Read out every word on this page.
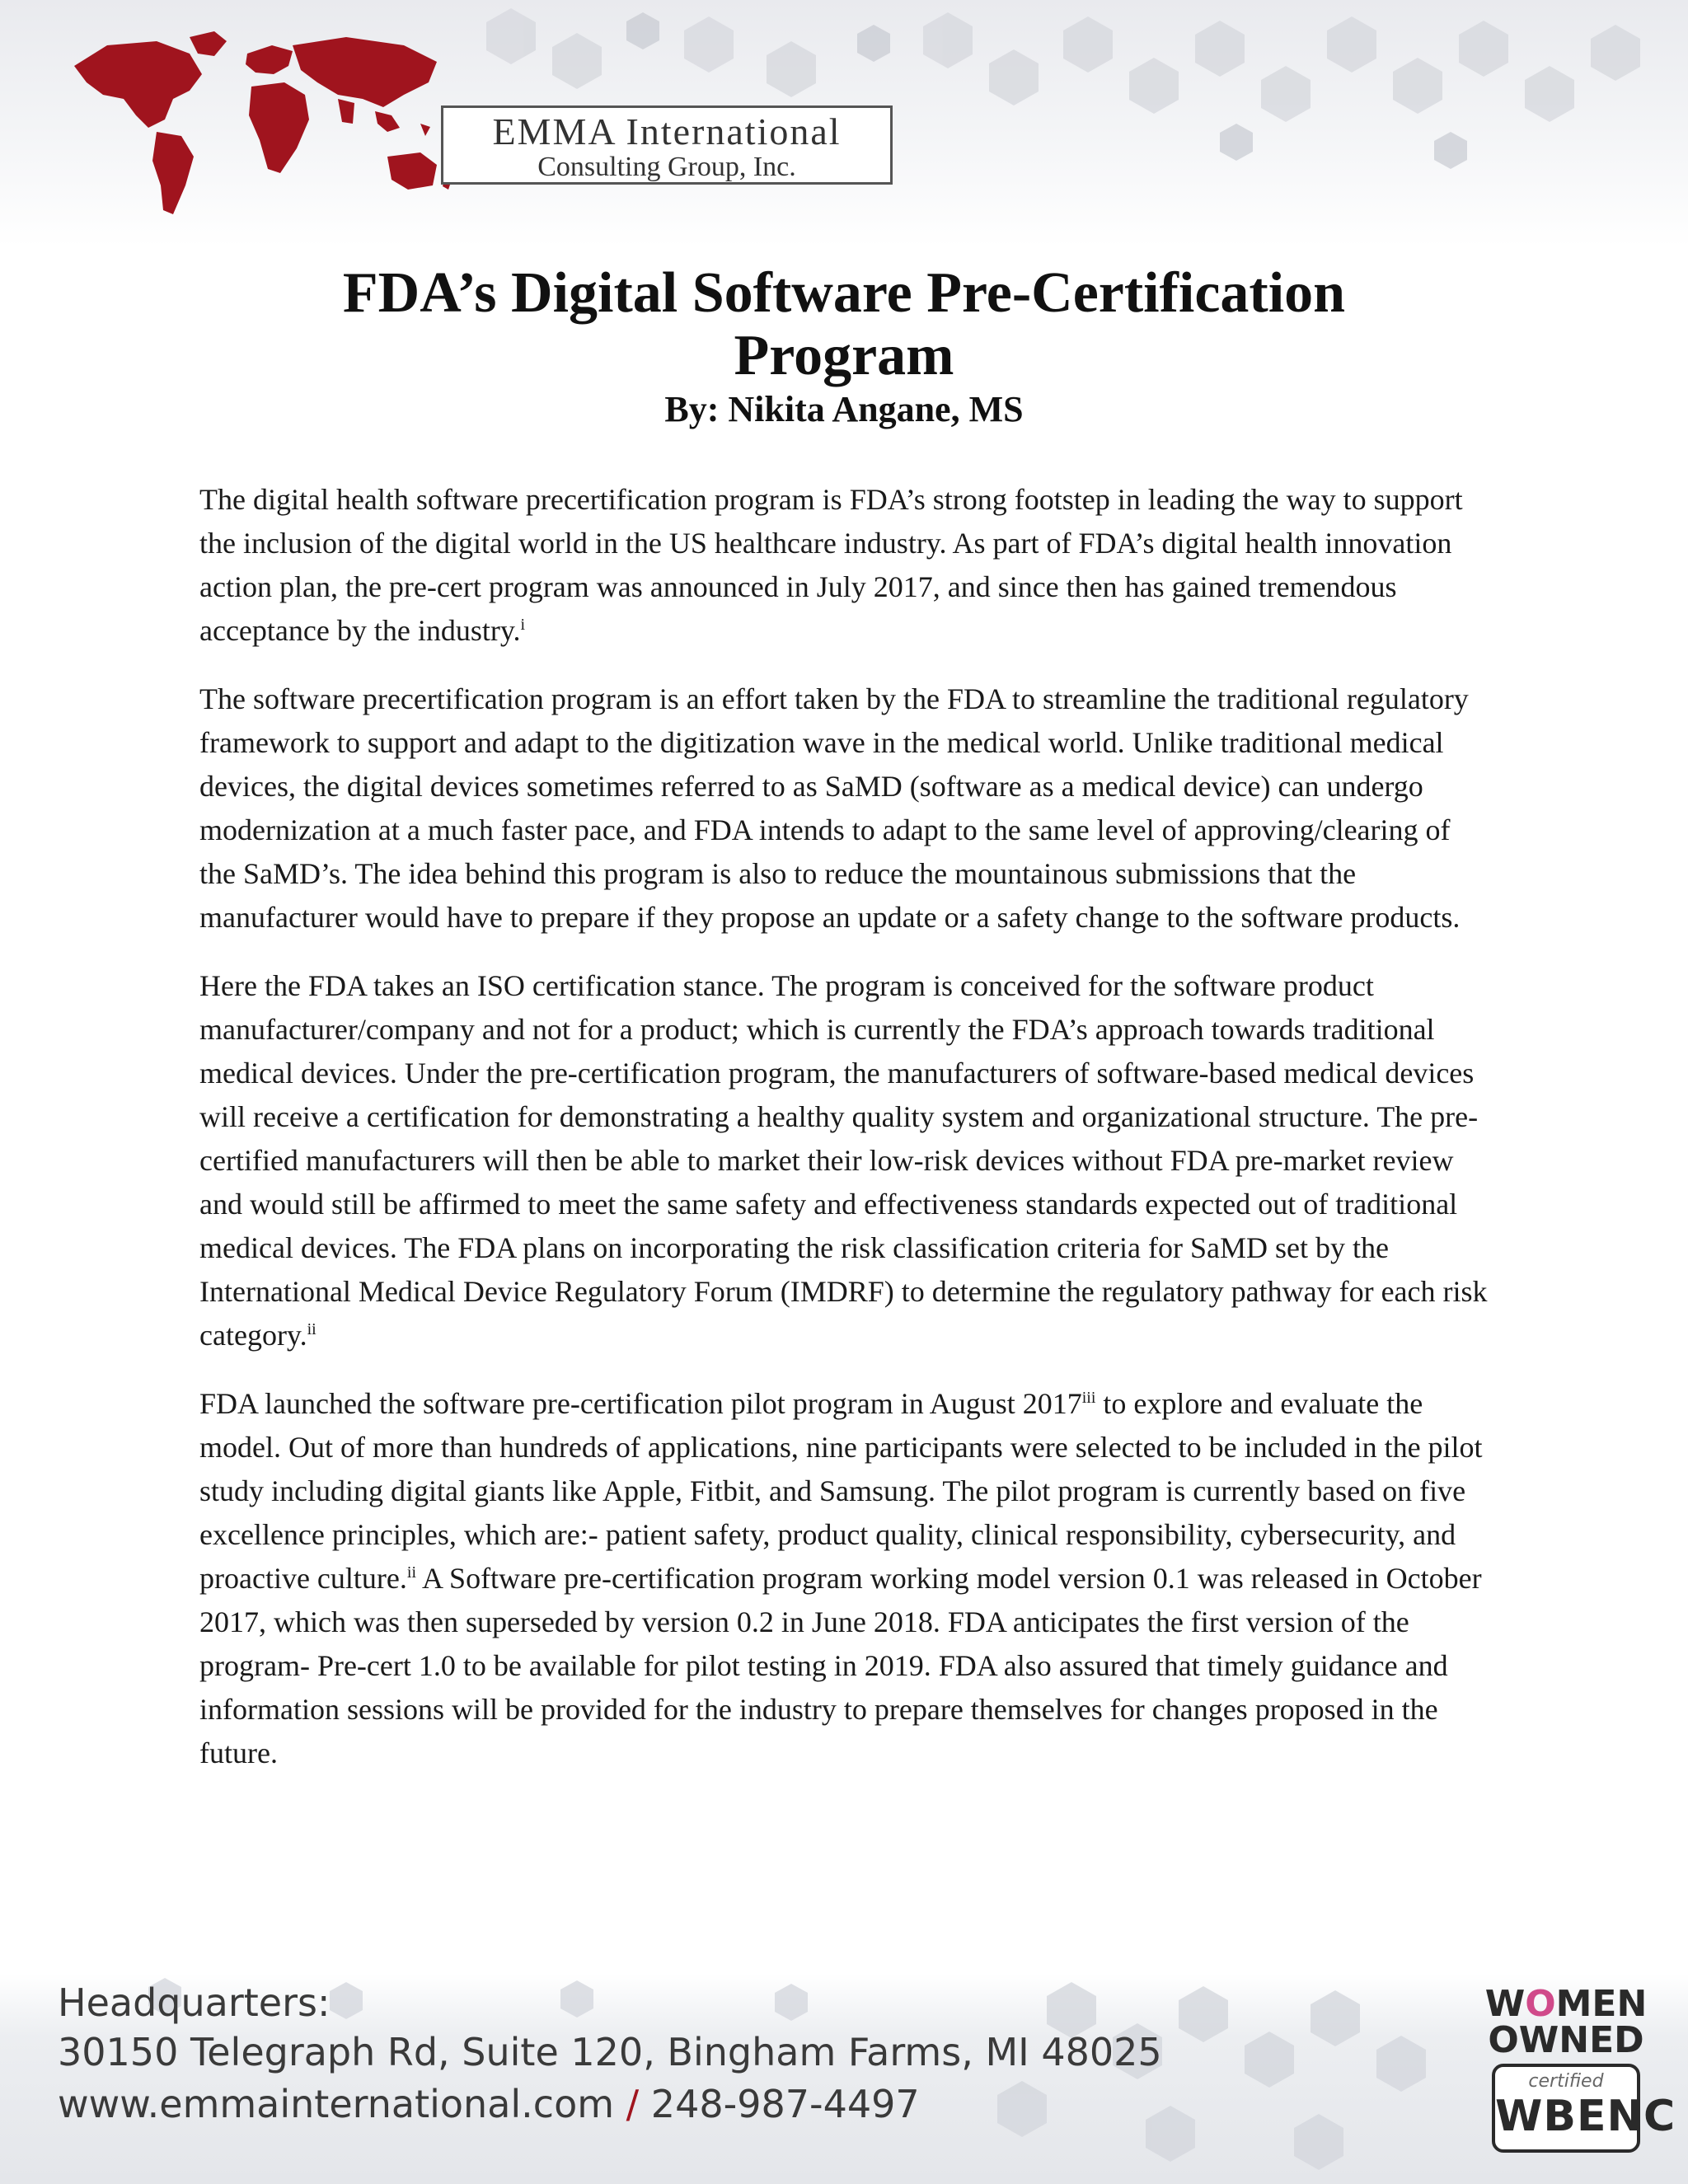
EMMA International
Consulting Group, Inc.
FDA’s Digital Software Pre-Certification
Program
By: Nikita Angane, MS

The digital health software precertification program is FDA’s strong footstep in leading the way to support the inclusion of the digital world in the US healthcare industry. As part of FDA’s digital health innovation action plan, the pre-cert program was announced in July 2017, and since then has gained tremendous acceptance by the industry.$^i$

The software precertification program is an effort taken by the FDA to streamline the traditional regulatory framework to support and adapt to the digitization wave in the medical world. Unlike traditional medical devices, the digital devices sometimes referred to as SaMD (software as a medical device) can undergo modernization at a much faster pace, and FDA intends to adapt to the same level of approving/clearing of the SaMD’s. The idea behind this program is also to reduce the mountainous submissions that the manufacturer would have to prepare if they propose an update or a safety change to the software products.

Here the FDA takes an ISO certification stance. The program is conceived for the software product manufacturer/company and not for a product; which is currently the FDA’s approach towards traditional medical devices. Under the pre-certification program, the manufacturers of software-based medical devices will receive a certification for demonstrating a healthy quality system and organizational structure. The pre-certified manufacturers will then be able to market their low-risk devices without FDA pre-market review and would still be affirmed to meet the same safety and effectiveness standards expected out of traditional medical devices. The FDA plans on incorporating the risk classification criteria for SaMD set by the International Medical Device Regulatory Forum (IMDRF) to determine the regulatory pathway for each risk category.$^{ii}$

FDA launched the software pre-certification pilot program in August 2017$^{iii}$ to explore and evaluate the model. Out of more than hundreds of applications, nine participants were selected to be included in the pilot study including digital giants like Apple, Fitbit, and Samsung. The pilot program is currently based on five excellence principles, which are:- patient safety, product quality, clinical responsibility, cybersecurity, and proactive culture.$^{ii}$ A Software pre-certification program working model version 0.1 was released in October 2017, which was then superseded by version 0.2 in June 2018. FDA anticipates the first version of the program- Pre-cert 1.0 to be available for pilot testing in 2019. FDA also assured that timely guidance and information sessions will be provided for the industry to prepare themselves for changes proposed in the future.

Headquarters:
30150 Telegraph Rd, Suite 120, Bingham Farms, MI 48025
www.emmainternational.com / 248-987-4497
WOMEN
OWNED
certified
WBENC
